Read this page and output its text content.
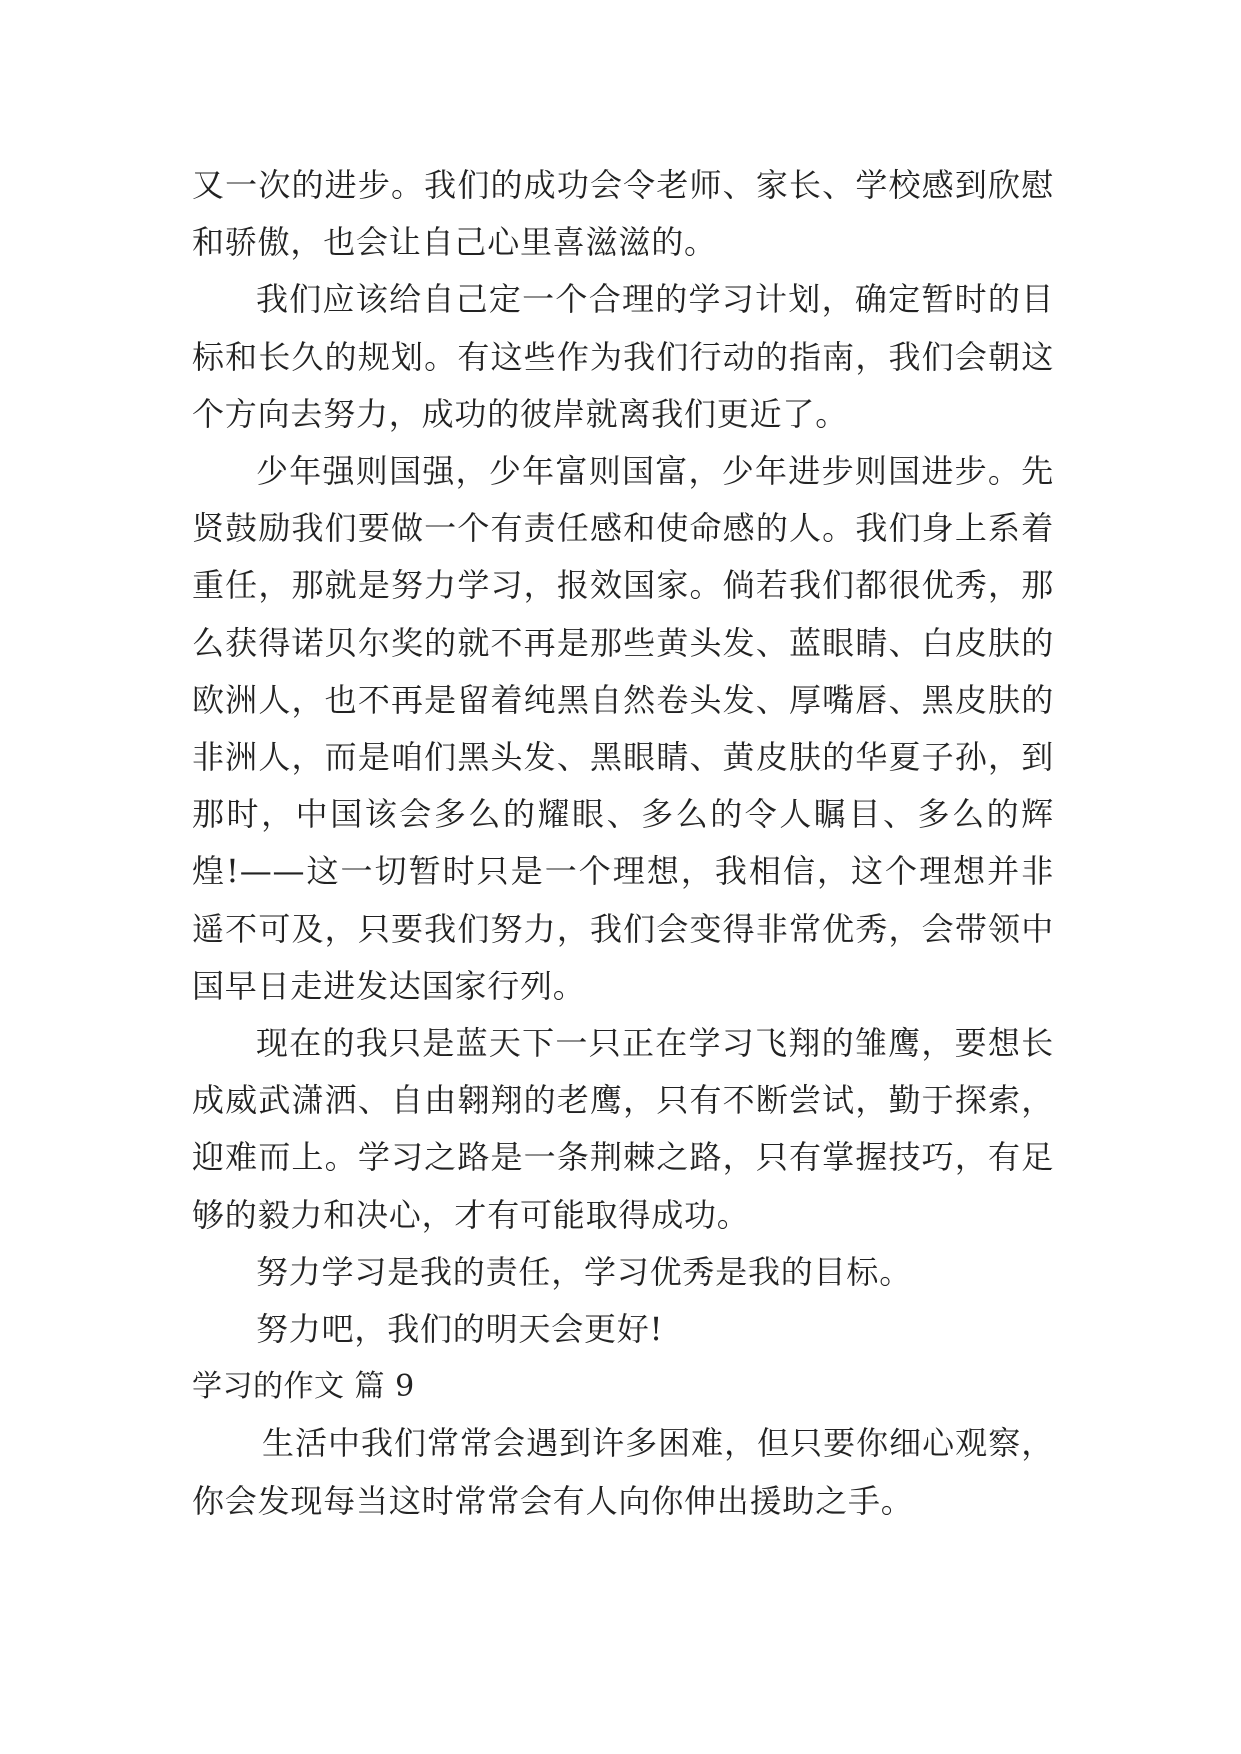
又一次的进步。我们的成功会令老师、家长、学校感到欣慰和骄傲，也会让自己心里喜滋滋的。

我们应该给自己定一个合理的学习计划，确定暂时的目标和长久的规划。有这些作为我们行动的指南，我们会朝这个方向去努力，成功的彼岸就离我们更近了。

少年强则国强，少年富则国富，少年进步则国进步。先贤鼓励我们要做一个有责任感和使命感的人。我们身上系着重任，那就是努力学习，报效国家。倘若我们都很优秀，那么获得诺贝尔奖的就不再是那些黄头发、蓝眼睛、白皮肤的欧洲人，也不再是留着纯黑自然卷头发、厚嘴唇、黑皮肤的非洲人，而是咱们黑头发、黑眼睛、黄皮肤的华夏子孙，到那时，中国该会多么的耀眼、多么的令人瞩目、多么的辉煌!——这一切暂时只是一个理想，我相信，这个理想并非遥不可及，只要我们努力，我们会变得非常优秀，会带领中国早日走进发达国家行列。

现在的我只是蓝天下一只正在学习飞翔的雏鹰，要想长成威武潇洒、自由翱翔的老鹰，只有不断尝试，勤于探索，迎难而上。学习之路是一条荆棘之路，只有掌握技巧，有足够的毅力和决心，才有可能取得成功。

努力学习是我的责任，学习优秀是我的目标。

努力吧，我们的明天会更好!

学习的作文 篇 9

生活中我们常常会遇到许多困难，但只要你细心观察，你会发现每当这时常常会有人向你伸出援助之手。
